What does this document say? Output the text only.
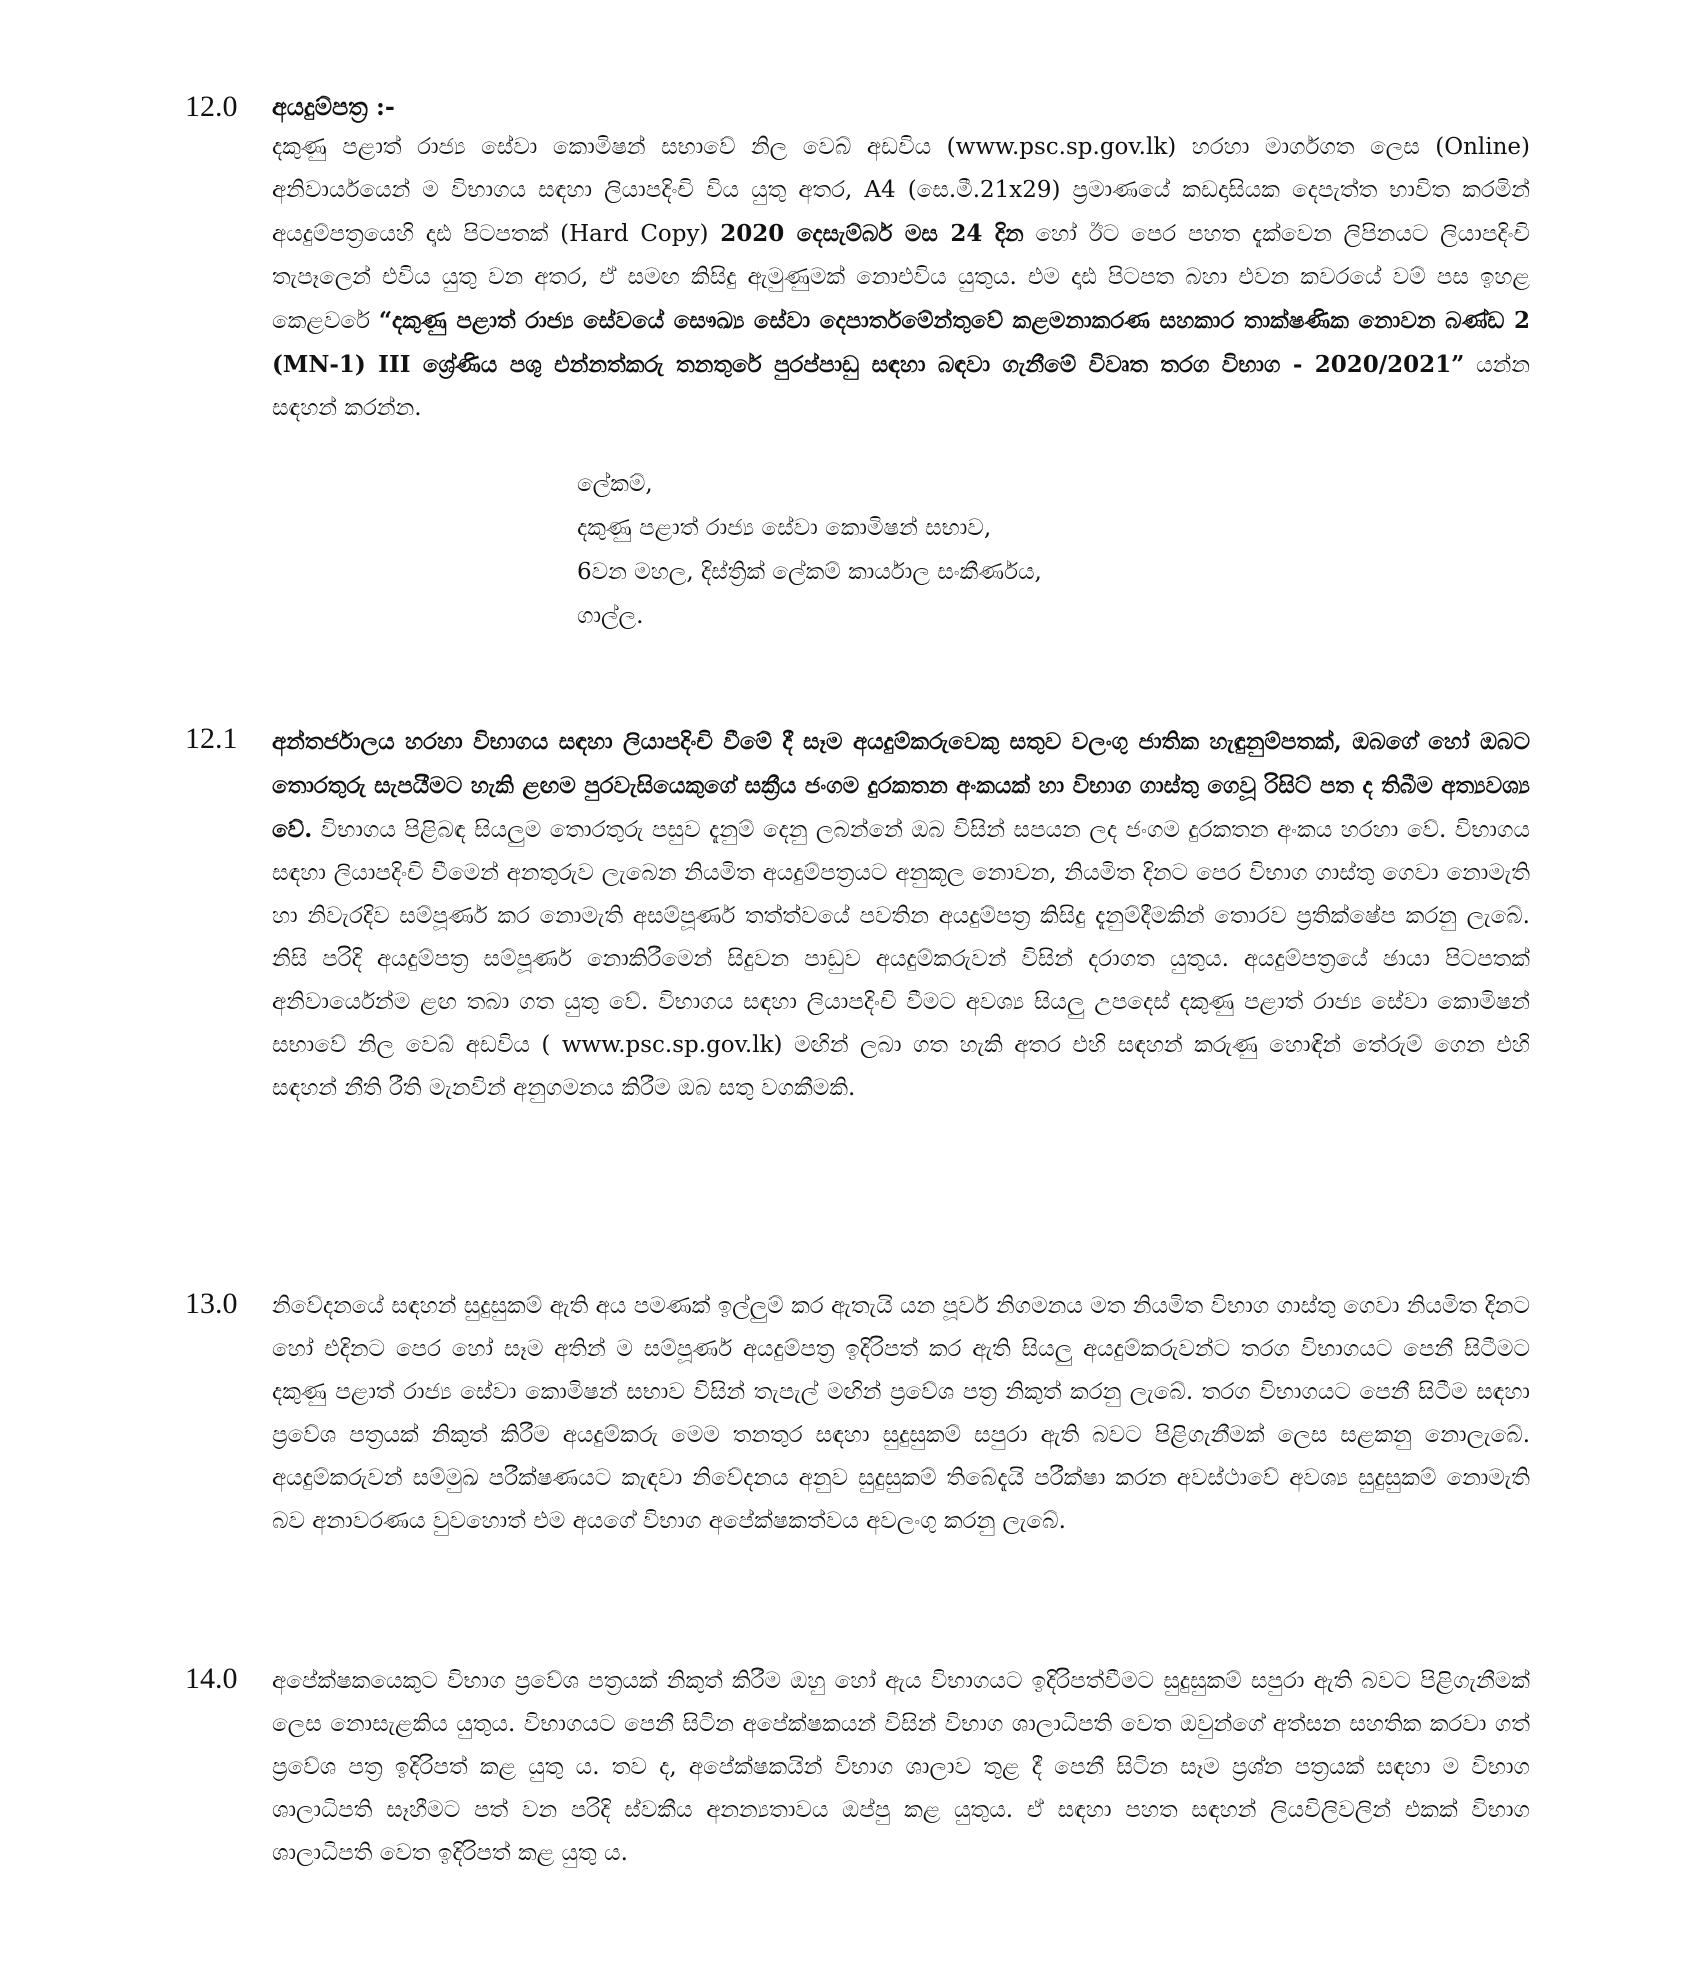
12.0 අයදුම්පත්‍ර :-

දකුණු පළාත් රාජ්‍ය සේවා කොමිෂන් සභාවේ නිල වෙබ් අඩවිය (www.psc.sp.gov.lk) හරහා මාර්ගගත ලෙස (Online) අනිවාර්යයෙන් ම විභාගය සඳහා ලියාපදිංචි විය යුතු අතර, A4 (සෙ.මී.21x29) ප්‍රමාණයේ කඩදාසියක දෙපැත්ත භාවිත කරමින් අයදුම්පත්‍රයෙහි දෘඪ පිටපතක් (Hard Copy) 2020 දෙසැම්බර් මස 24 දින හෝ ඊට පෙර පහත දැක්වෙන ලිපිනයට ලියාපදිංචි තැපෑලෙන් එවිය යුතු වන අතර, ඒ සමඟ කිසිදු ඇමුණුමක් නොඑවිය යුතුය. එම දෘඪ පිටපත බහා එවන කවරයේ වම් පස ඉහළ කෙළවරේ “දකුණු පළාත් රාජ්‍ය සේවයේ සෞඛ්‍ය සේවා දෙපාර්තමේන්තුවේ කළමනාකරණ සහකාර තාක්ෂණික නොවන බණ්ඩ 2 (MN-1) III ශ්‍රේණිය පශු එන්නත්කරු තනතුරේ පුරප්පාඩු සඳහා බඳවා ගැනීමේ විවෘත තරග විභාග - 2020/2021” යන්න සඳහන් කරන්න.

ලේකම්,
දකුණු පළාත් රාජ්‍ය සේවා කොමිෂන් සභාව,
6වන මහල, දිස්ත්‍රික් ලේකම් කාර්යාල සංකීර්ණය,
ගාල්ල.
12.1 අන්තර්ජාලය හරහා විභාගය සඳහා ලියාපදිංචි වීමේ දී සෑම අයදුම්කරුවෙකු සතුව වලංගු ජාතික හැඳුනුම්පතක්, ඔබගේ හෝ ඔබට තොරතුරු සැපයීමට හැකි ළඟම පුරවැසියෙකුගේ සක්‍රීය ජංගම දුරකතන අංකයක් හා විභාග ගාස්තු ගෙවූ රිසිට් පත ද තිබීම අත්‍යවශ්‍ය වේ. විභාගය පිළිබඳ සියලුම තොරතුරු පසුව දැනුම් දෙනු ලබන්නේ ඔබ විසින් සපයන ලද ජංගම දුරකතන අංකය හරහා වේ. විභාගය සඳහා ලියාපදිංචි වීමෙන් අනතුරුව ලැබෙන නියමිත අයදුම්පත්‍රයට අනුකූල නොවන, නියමිත දිනට පෙර විභාග ගාස්තු ගෙවා නොමැති හා නිවැරදිව සම්පූර්ණ කර නොමැති අසම්පූර්ණ තත්ත්වයේ පවතින අයදුම්පත්‍ර කිසිදු දැනුම්දීමකින් තොරව ප්‍රතික්ෂේප කරනු ලැබේ. නිසි පරිදි අයදුම්පත්‍ර සම්පූර්ණ නොකිරීමෙන් සිදුවන පාඩුව අයදුම්කරුවන් විසින් දරාගත යුතුය. අයදුම්පත්‍රයේ ඡායා පිටපතක් අනිවාර්යෙන්ම ළඟ තබා ගත යුතු වේ. විභාගය සඳහා ලියාපදිංචි වීමට අවශ්‍ය සියලු උපදෙස් දකුණු පළාත් රාජ්‍ය සේවා කොමිෂන් සභාවේ නිල වෙබ් අඩවිය ( www.psc.sp.gov.lk) මඟින් ලබා ගත හැකි අතර එහි සඳහන් කරුණු හොඳින් තේරුම් ගෙන එහි සඳහන් නීති රීති මැනවින් අනුගමනය කිරීම ඔබ සතු වගකීමකි.

13.0 නිවේදනයේ සඳහන් සුදුසුකම් ඇති අය පමණක් ඉල්ලුම් කර ඇතැයි යන පූර්ව නිගමනය මත නියමිත විභාග ගාස්තු ගෙවා නියමිත දිනට හෝ එදිනට පෙර හෝ සෑම අතින් ම සම්පූර්ණ අයදුම්පත්‍ර ඉදිරිපත් කර ඇති සියලු අයදුම්කරුවන්ට තරග විභාගයට පෙනී සිටීමට දකුණු පළාත් රාජ්‍ය සේවා කොමිෂන් සභාව විසින් තැපැල් මඟින් ප්‍රවේශ පත්‍ර නිකුත් කරනු ලැබේ. තරග විභාගයට පෙනී සිටීම සඳහා ප්‍රවේශ පත්‍රයක් නිකුත් කිරීම අයදුම්කරු මෙම තනතුර සඳහා සුදුසුකම් සපුරා ඇති බවට පිළිගැනීමක් ලෙස සළකනු නොලැබේ. අයදුම්කරුවන් සම්මුඛ පරීක්ෂණයට කැඳවා නිවේදනය අනුව සුදුසුකම් තිබේදැයි පරීක්ෂා කරන අවස්ථාවේ අවශ්‍ය සුදුසුකම් නොමැති බව අනාවරණය වුවහොත් එම අයගේ විභාග අපේක්ෂකත්වය අවලංගු කරනු ලැබේ.

14.0 අපේක්ෂකයෙකුට විභාග ප්‍රවේශ පත්‍රයක් නිකුත් කිරීම ඔහු හෝ ඇය විභාගයට ඉදිරිපත්වීමට සුදුසුකම් සපුරා ඇති බවට පිළිගැනීමක් ලෙස නොසැළකිය යුතුය. විභාගයට පෙනී සිටින අපේක්ෂකයන් විසින් විභාග ශාලාධිපති වෙත ඔවුන්ගේ අත්සන සහතික කරවා ගත් ප්‍රවේශ පත්‍ර ඉදිරිපත් කළ යුතු ය. තව ද, අපේක්ෂකයින් විභාග ශාලාව තුළ දී පෙනී සිටින සෑම ප්‍රශ්න පත්‍රයක් සඳහා ම විභාග ශාලාධිපති සෑහීමට පත් වන පරිදි ස්වකීය අනන්‍යතාවය ඔප්පු කළ යුතුය. ඒ සඳහා පහත සඳහන් ලියවිලිවලින් එකක් විභාග ශාලාධිපති වෙත ඉදිරිපත් කළ යුතු ය.
